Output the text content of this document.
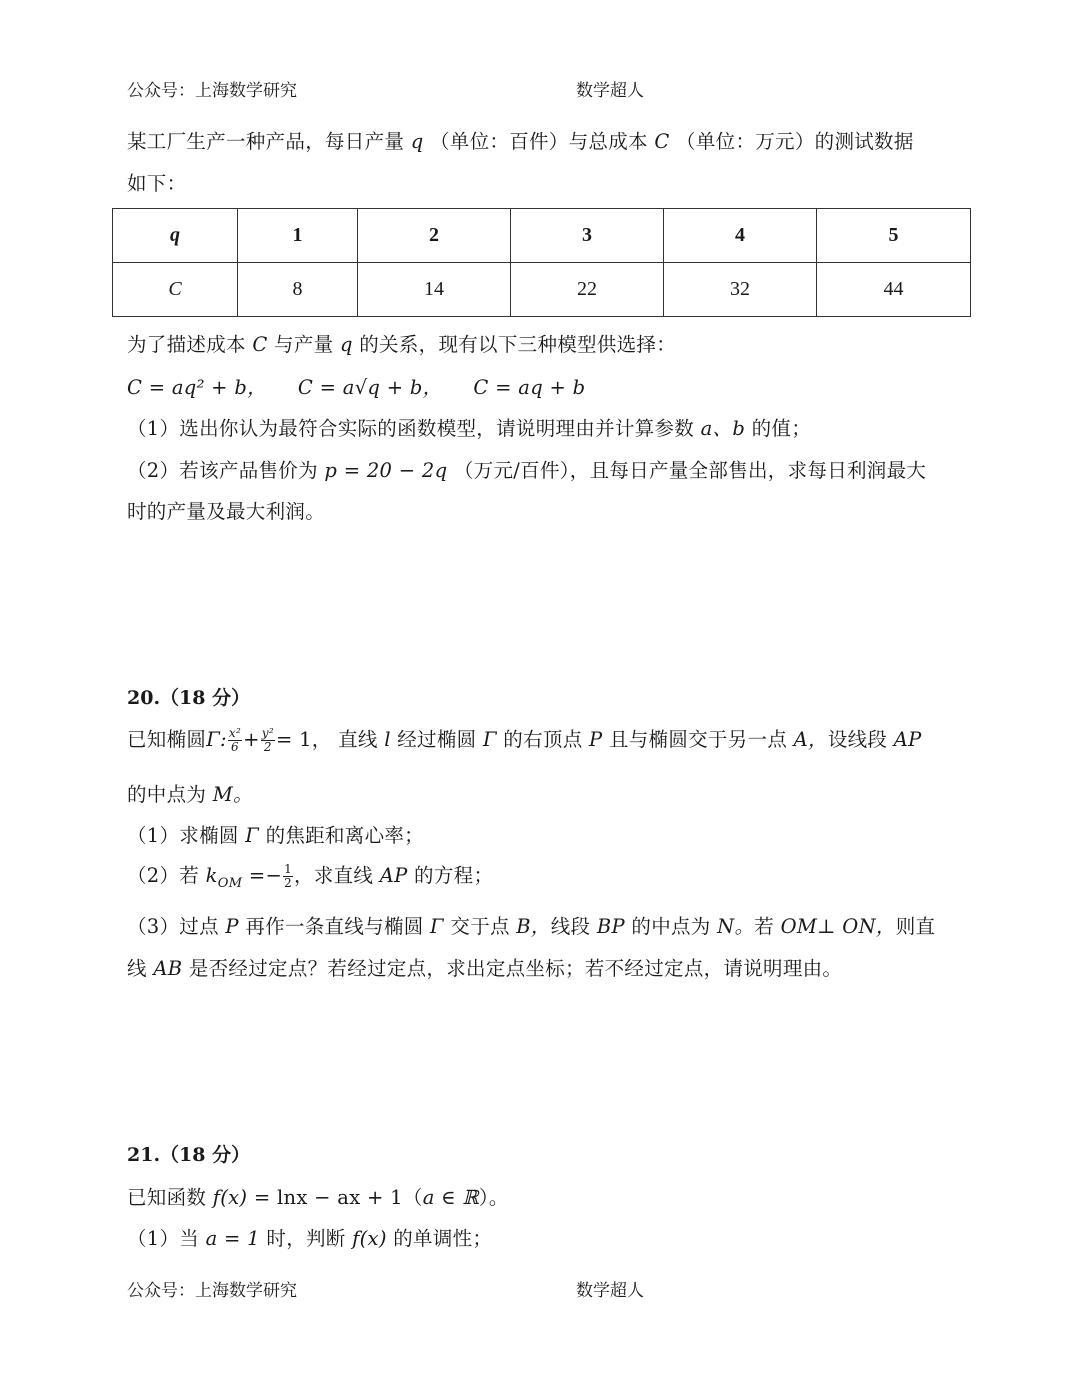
公众号：上海数学研究	数学超人
某工厂生产一种产品，每日产量 q （单位：百件）与总成本 C （单位：万元）的测试数据
如下：
q	1	2	3	4	5
C	8	14	22	32	44
为了描述成本 C 与产量 q 的关系，现有以下三种模型供选择：
C = aq² + b， C = a√q + b， C = aq + b
（1）选出你认为最符合实际的函数模型，请说明理由并计算参数 a、b 的值；
（2）若该产品售价为 p = 20 − 2q （万元/百件），且每日产量全部售出，求每日利润最大
时的产量及最大利润。
20.（18 分）
已知椭圆Γ: $\frac{\text{x²}}{6} + \frac{\text{y²}}{2} = 1$， 直线 l 经过椭圆 Γ 的右顶点 P 且与椭圆交于另一点 A，设线段 AP
的中点为 M。
（1）求椭圆 Γ 的焦距和离心率；
（2）若 $k_{OM} =- \frac{1}{2}$ ，求直线 AP 的方程；
（3）过点 P 再作一条直线与椭圆 Γ 交于点 B，线段 BP 的中点为 N。若 OM⊥ ON，则直
线 AB 是否经过定点？若经过定点，求出定点坐标；若不经过定点，请说明理由。
21.（18 分）
已知函数 f(x) = lnx − ax + 1（a ∈ ℝ）。
（1）当 a = 1 时，判断 f(x) 的单调性；
公众号：上海数学研究	数学超人
